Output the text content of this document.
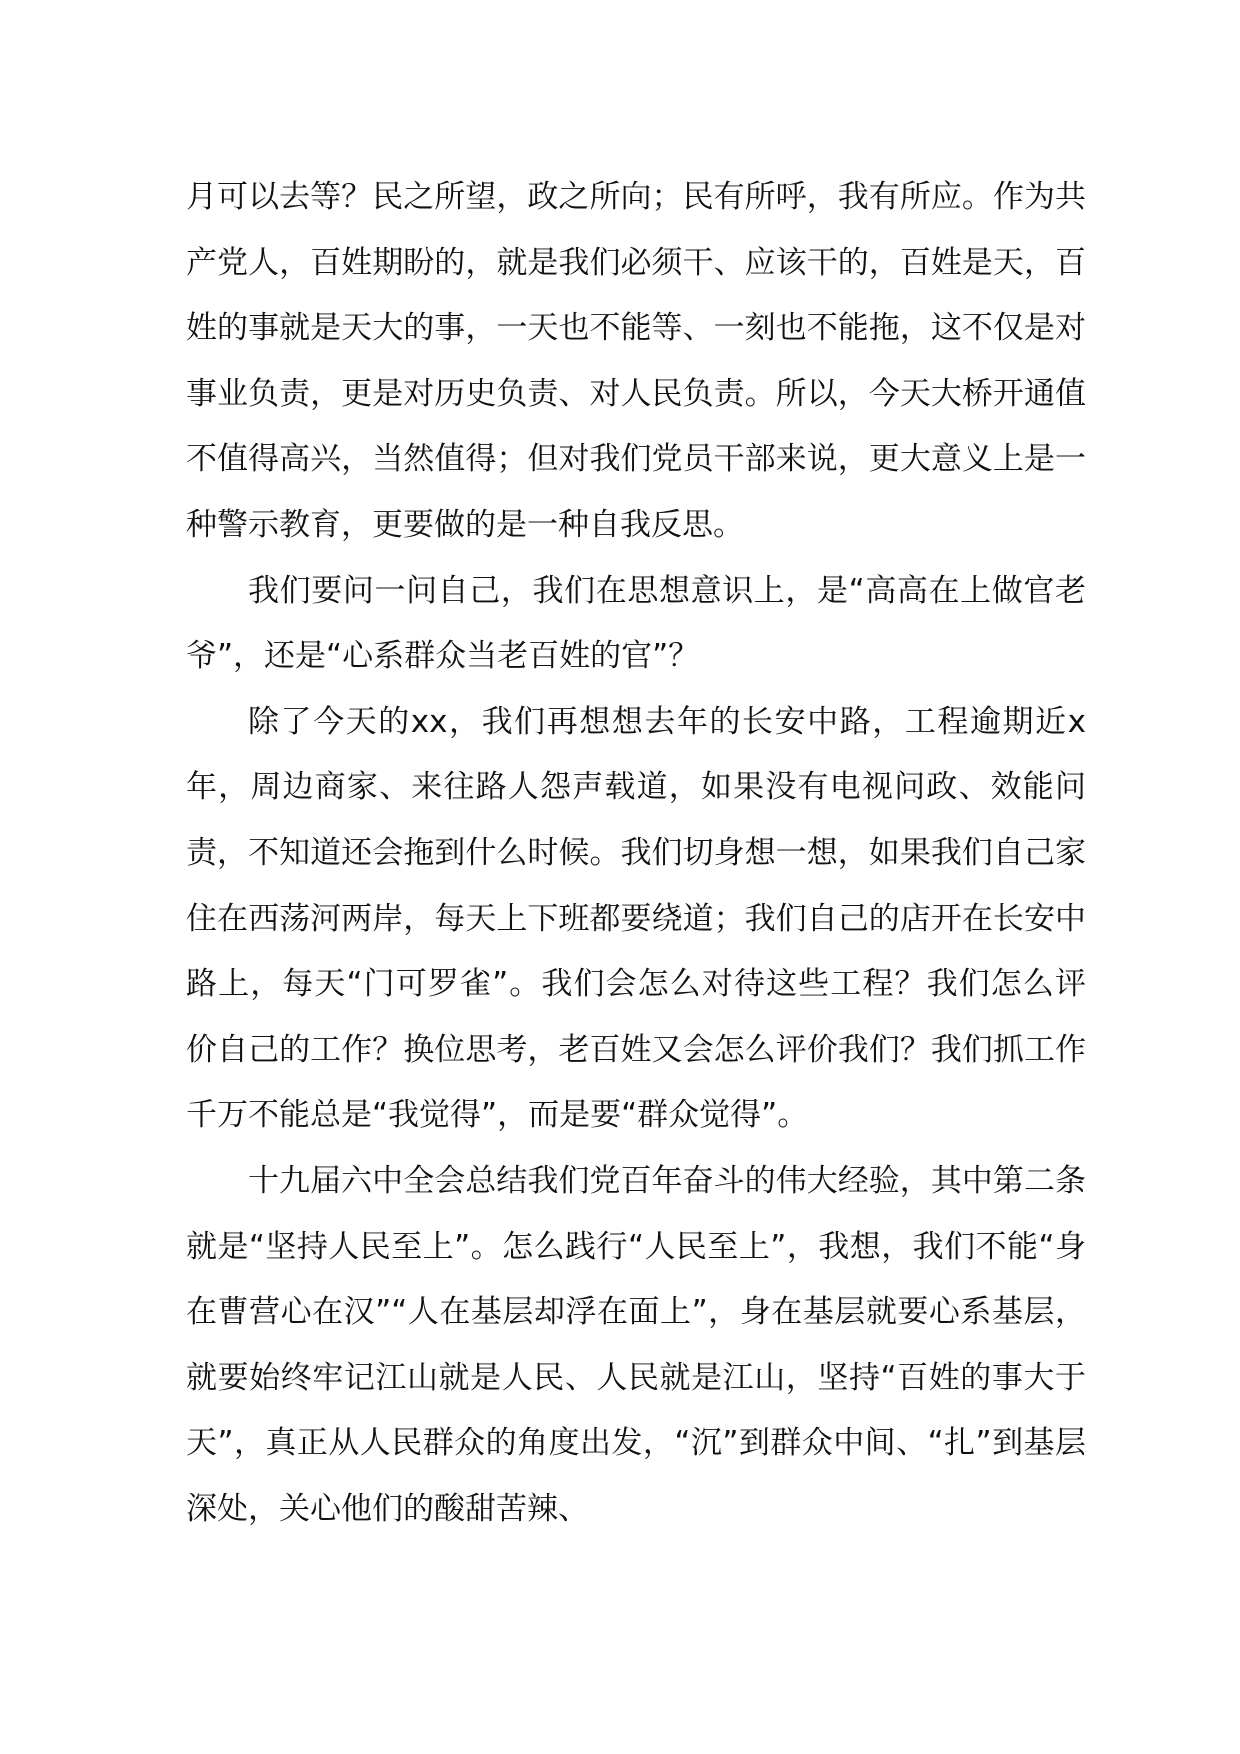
月可以去等？民之所望，政之所向；民有所呼，我有所应。作为共产党人，百姓期盼的，就是我们必须干、应该干的，百姓是天，百姓的事就是天大的事，一天也不能等、一刻也不能拖，这不仅是对事业负责，更是对历史负责、对人民负责。所以，今天大桥开通值不值得高兴，当然值得；但对我们党员干部来说，更大意义上是一种警示教育，更要做的是一种自我反思。

我们要问一问自己，我们在思想意识上，是“高高在上做官老爷”，还是“心系群众当老百姓的官”？

除了今天的xx，我们再想想去年的长安中路，工程逾期近x年，周边商家、来往路人怨声载道，如果没有电视问政、效能问责，不知道还会拖到什么时候。我们切身想一想，如果我们自己家住在西荡河两岸，每天上下班都要绕道；我们自己的店开在长安中路上，每天“门可罗雀”。我们会怎么对待这些工程？我们怎么评价自己的工作？换位思考，老百姓又会怎么评价我们？我们抓工作千万不能总是“我觉得”，而是要“群众觉得”。

十九届六中全会总结我们党百年奋斗的伟大经验，其中第二条就是“坚持人民至上”。怎么践行“人民至上”，我想，我们不能“身在曹营心在汉”“人在基层却浮在面上”，身在基层就要心系基层，就要始终牢记江山就是人民、人民就是江山，坚持“百姓的事大于天”，真正从人民群众的角度出发，“沉”到群众中间、“扎”到基层深处，关心他们的酸甜苦辣、
